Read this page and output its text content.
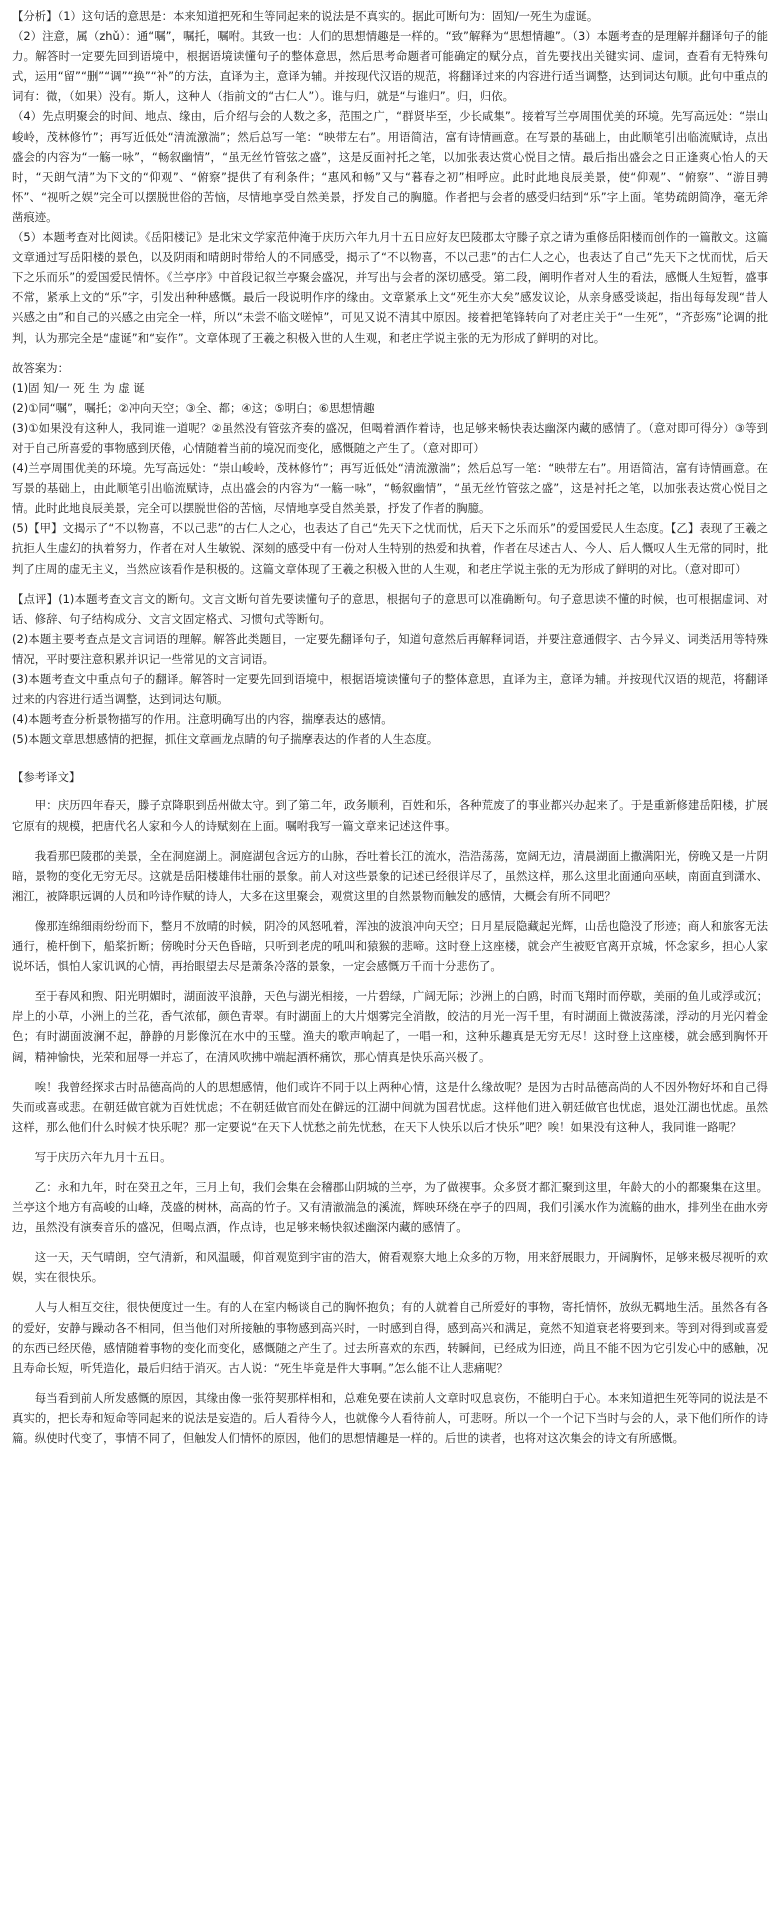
【分析】（1）这句话的意思是：本来知道把死和生等同起来的说法是不真实的。据此可断句为：固知/一死生为虚诞。

（2）注意，属（zhǔ）：通“嘱”，嘱托，嘱咐。其致一也：人们的思想情趣是一样的。“致”解释为“思想情趣”。（3）本题考查的是理解并翻译句子的能力。解答时一定要先回到语境中，根据语境读懂句子的整体意思，然后思考命题者可能确定的赋分点，首先要找出关键实词、虚词，查看有无特殊句式，运用“留”“删”“调”“换”“补”的方法，直译为主，意译为辅。并按现代汉语的规范，将翻译过来的内容进行适当调整，达到词达句顺。此句中重点的词有：微，（如果）没有。斯人，这种人（指前文的“古仁人”）。谁与归，就是“与谁归”。归，归依。

（4）先点明聚会的时间、地点、缘由，后介绍与会的人数之多，范围之广，“群贤毕至，少长咸集”。接着写兰亭周围优美的环境。先写高远处：“崇山峻岭，茂林修竹”；再写近低处“清流激湍”；然后总写一笔：“映带左右”。用语简洁，富有诗情画意。在写景的基础上，由此顺笔引出临流赋诗，点出盛会的内容为“一觞一咏”，“畅叙幽情”，“虽无丝竹管弦之盛”，这是反面衬托之笔，以加张表达赏心悦目之情。最后指出盛会之日正逢爽心怡人的天时，“天朗气清”为下文的“仰观”、“俯察”提供了有利条件；“惠风和畅”又与“暮春之初”相呼应。此时此地良辰美景，使“仰观”、“俯察”、“游目骋怀”、“视听之娱”完全可以摆脱世俗的苦恼，尽情地享受自然美景，抒发自己的胸臆。作者把与会者的感受归结到“乐”字上面。笔势疏朗简净，毫无斧凿痕迹。

（5）本题考查对比阅读。《岳阳楼记》是北宋文学家范仲淹于庆历六年九月十五日应好友巴陵郡太守滕子京之请为重修岳阳楼而创作的一篇散文。这篇文章通过写岳阳楼的景色，以及阴雨和晴朗时带给人的不同感受，揭示了“不以物喜，不以己悲”的古仁人之心，也表达了自己“先天下之忧而忧，后天下之乐而乐”的爱国爱民情怀。《兰亭序》中首段记叙兰亭聚会盛况，并写出与会者的深切感受。第二段，阐明作者对人生的看法，感慨人生短暂，盛事不常，紧承上文的“乐”字，引发出种种感慨。最后一段说明作序的缘由。文章紧承上文“死生亦大矣”感发议论，从亲身感受谈起，指出每每发现“昔人兴感之由”和自己的兴感之由完全一样，所以“未尝不临文嗟悼”，可见又说不清其中原因。接着把笔锋转向了对老庄关于“一生死”，“齐彭殇”论调的批判，认为那完全是“虚诞”和“妄作”。文章体现了王羲之积极入世的人生观，和老庄学说主张的无为形成了鲜明的对比。

故答案为：

(1)固 知/一 死 生 为 虚 诞

(2)①同“嘱”，嘱托；②冲向天空；③全、都；④这；⑤明白；⑥思想情趣

(3)①如果没有这种人，我同谁一道呢？②虽然没有管弦齐奏的盛况，但喝着酒作着诗，也足够来畅快表达幽深内藏的感情了。（意对即可得分）③等到对于自己所喜爱的事物感到厌倦，心情随着当前的境况而变化，感慨随之产生了。（意对即可）

(4)兰亭周围优美的环境。先写高远处：“崇山峻岭，茂林修竹”；再写近低处“清流激湍”；然后总写一笔：“映带左右”。用语简洁，富有诗情画意。在写景的基础上，由此顺笔引出临流赋诗，点出盛会的内容为“一觞一咏”，“畅叙幽情”，“虽无丝竹管弦之盛”，这是衬托之笔，以加张表达赏心悦目之情。此时此地良辰美景，完全可以摆脱世俗的苦恼，尽情地享受自然美景，抒发了作者的胸臆。

(5)【甲】文揭示了“不以物喜，不以己悲”的古仁人之心，也表达了自己“先天下之忧而忧，后天下之乐而乐”的爱国爱民人生态度。【乙】表现了王羲之抗拒人生虚幻的执着努力，作者在对人生敏锐、深刻的感受中有一份对人生特别的热爱和执着，作者在尽述古人、今人、后人慨叹人生无常的同时，批判了庄周的虚无主义，当然应该看作是积极的。这篇文章体现了王羲之积极入世的人生观，和老庄学说主张的无为形成了鲜明的对比。（意对即可）

【点评】(1)本题考查文言文的断句。文言文断句首先要读懂句子的意思，根据句子的意思可以准确断句。句子意思读不懂的时候，也可根据虚词、对话、修辞、句子结构成分、文言文固定格式、习惯句式等断句。

(2)本题主要考查点是文言词语的理解。解答此类题目，一定要先翻译句子，知道句意然后再解释词语，并要注意通假字、古今异义、词类活用等特殊情况，平时要注意积累并识记一些常见的文言词语。

(3)本题考查文中重点句子的翻译。解答时一定要先回到语境中，根据语境读懂句子的整体意思，直译为主，意译为辅。并按现代汉语的规范，将翻译过来的内容进行适当调整，达到词达句顺。

(4)本题考查分析景物描写的作用。注意明确写出的内容，揣摩表达的感情。

(5)本题文章思想感情的把握，抓住文章画龙点睛的句子揣摩表达的作者的人生态度。

【参考译文】

甲：庆历四年春天，滕子京降职到岳州做太守。到了第二年，政务顺利，百姓和乐，各种荒废了的事业都兴办起来了。于是重新修建岳阳楼，扩展它原有的规模，把唐代名人家和今人的诗赋刻在上面。嘱咐我写一篇文章来记述这件事。

我看那巴陵郡的美景，全在洞庭湖上。洞庭湖包含远方的山脉，吞吐着长江的流水，浩浩荡荡，宽阔无边，清晨湖面上撒满阳光，傍晚又是一片阴暗，景物的变化无穷无尽。这就是岳阳楼雄伟壮丽的景象。前人对这些景象的记述已经很详尽了，虽然这样，那么这里北面通向巫峡，南面直到潇水、湘江，被降职远调的人员和吟诗作赋的诗人，大多在这里聚会，观赏这里的自然景物而触发的感情，大概会有所不同吧？

像那连绵细雨纷纷而下，整月不放晴的时候，阴冷的风怒吼着，浑浊的波浪冲向天空；日月星辰隐藏起光辉，山岳也隐没了形迹；商人和旅客无法通行，桅杆倒下，船桨折断；傍晚时分天色昏暗，只听到老虎的吼叫和猿猴的悲啼。这时登上这座楼，就会产生被贬官离开京城，怀念家乡，担心人家说坏话，惧怕人家讥讽的心情，再抬眼望去尽是萧条冷落的景象，一定会感慨万千而十分悲伤了。

至于春风和煦、阳光明媚时，湖面波平浪静，天色与湖光相接，一片碧绿，广阔无际；沙洲上的白鸥，时而飞翔时而停歇，美丽的鱼儿或浮或沉；岸上的小草，小洲上的兰花，香气浓郁，颜色青翠。有时湖面上的大片烟雾完全消散，皎洁的月光一泻千里，有时湖面上微波荡漾，浮动的月光闪着金色；有时湖面波澜不起，静静的月影像沉在水中的玉璧。渔夫的歌声响起了，一唱一和，这种乐趣真是无穷无尽！这时登上这座楼，就会感到胸怀开阔，精神愉快，光荣和屈辱一并忘了，在清风吹拂中端起酒杯痛饮，那心情真是快乐高兴极了。

唉！我曾经探求古时品德高尚的人的思想感情，他们或许不同于以上两种心情，这是什么缘故呢？是因为古时品德高尚的人不因外物好坏和自己得失而或喜或悲。在朝廷做官就为百姓忧虑；不在朝廷做官而处在僻远的江湖中间就为国君忧虑。这样他们进入朝廷做官也忧虑，退处江湖也忧虑。虽然这样，那么他们什么时候才快乐呢？那一定要说“在天下人忧愁之前先忧愁，在天下人快乐以后才快乐”吧？唉！如果没有这种人，我同谁一路呢？

写于庆历六年九月十五日。

乙：永和九年，时在癸丑之年，三月上旬，我们会集在会稽郡山阴城的兰亭，为了做禊事。众多贤才都汇聚到这里，年龄大的小的都聚集在这里。兰亭这个地方有高峻的山峰，茂盛的树林，高高的竹子。又有清澈湍急的溪流，辉映环绕在亭子的四周，我们引溪水作为流觞的曲水，排列坐在曲水旁边，虽然没有演奏音乐的盛况，但喝点酒，作点诗，也足够来畅快叙述幽深内藏的感情了。

这一天，天气晴朗，空气清新，和风温暖，仰首观览到宇宙的浩大，俯看观察大地上众多的万物，用来舒展眼力，开阔胸怀，足够来极尽视听的欢娱，实在很快乐。

人与人相互交往，很快便度过一生。有的人在室内畅谈自己的胸怀抱负；有的人就着自己所爱好的事物，寄托情怀，放纵无羁地生活。虽然各有各的爱好，安静与躁动各不相同，但当他们对所接触的事物感到高兴时，一时感到自得，感到高兴和满足，竟然不知道衰老将要到来。等到对得到或喜爱的东西已经厌倦，感情随着事物的变化而变化，感慨随之产生了。过去所喜欢的东西，转瞬间，已经成为旧迹，尚且不能不因为它引发心中的感触，况且寿命长短，听凭造化，最后归结于消灭。古人说：“死生毕竟是件大事啊。”怎么能不让人悲痛呢？

每当看到前人所发感慨的原因，其缘由像一张符契那样相和，总难免要在读前人文章时叹息哀伤，不能明白于心。本来知道把生死等同的说法是不真实的，把长寿和短命等同起来的说法是妄造的。后人看待今人，也就像今人看待前人，可悲呀。所以一个一个记下当时与会的人，录下他们所作的诗篇。纵使时代变了，事情不同了，但触发人们情怀的原因，他们的思想情趣是一样的。后世的读者，也将对这次集会的诗文有所感慨。
